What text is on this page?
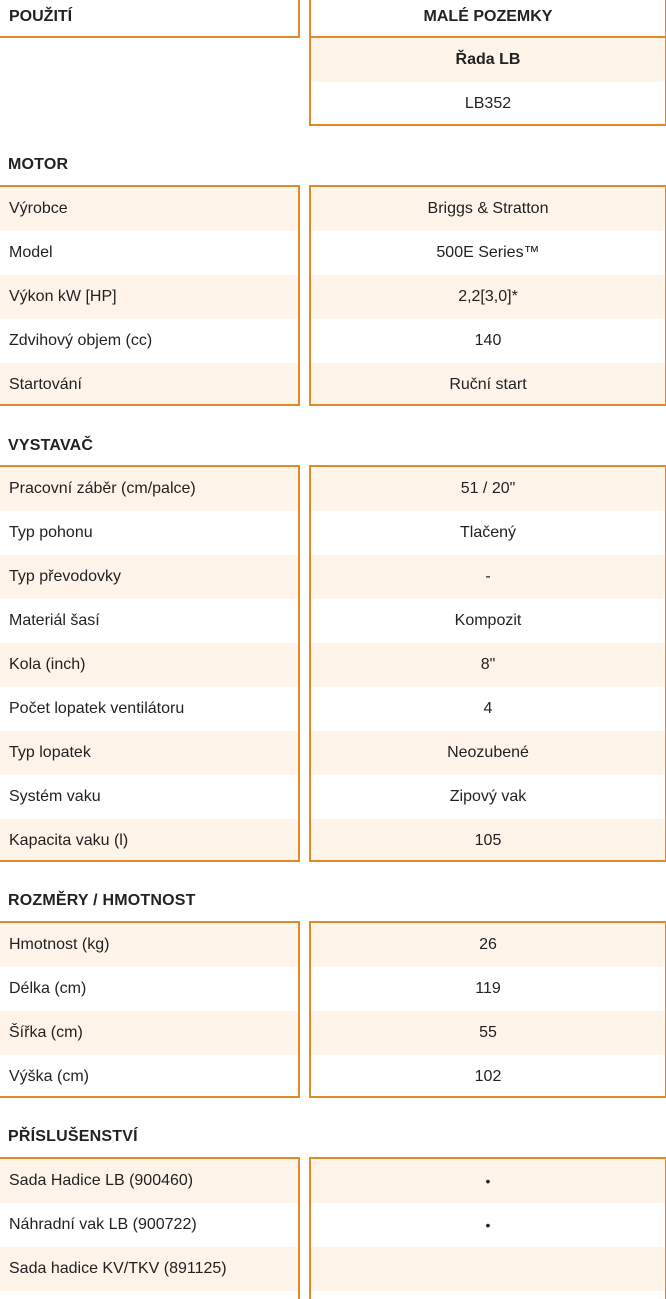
POUŽITÍ	MALÉ POZEMKY
Řada LB
LB352
MOTOR
Výrobce
Model
Výkon kW [HP]
Zdvihový objem (cc)
Startování
Briggs & Stratton
500E Series™
2,2[3,0]*
140
Ruční start
VYSTAVAČ
Pracovní záběr (cm/palce)
Typ pohonu
Typ převodovky
Materiál šasí
Kola (inch)
Počet lopatek ventilátoru
Typ lopatek
Systém vaku
Kapacita vaku (l)
51 / 20"
Tlačený
-
Kompozit
8"
4
Neozubené
Zipový vak
105
ROZMĚRY / HMOTNOST
Hmotnost (kg)
Délka (cm)
Šířka (cm)
Výška (cm)
26
119
55
102
PŘÍSLUŠENSTVÍ
Sada Hadice LB (900460)
Náhradní vak LB (900722)
Sada hadice KV/TKV (891125)
•
•
